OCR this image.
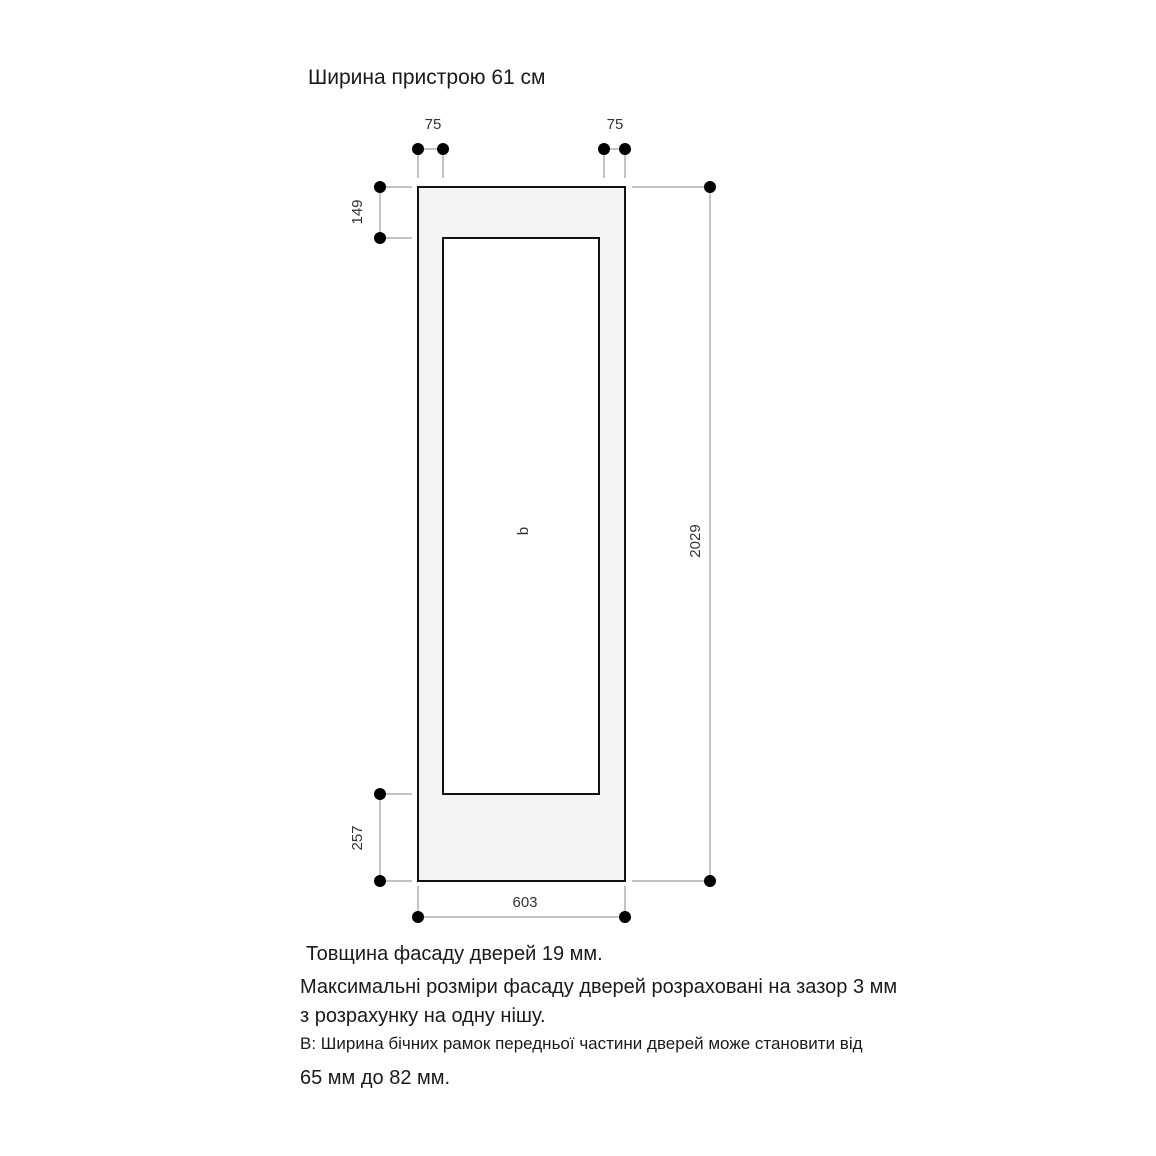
Ширина пристрою 61 см
q
75	75
149
257
603
2029
Товщина фасаду дверей 19 мм.
Максимальні розміри фасаду дверей розраховані на зазор 3 мм
з розрахунку на одну нішу.
В: Ширина бічних рамок передньої частини дверей може становити від
65 мм до 82 мм.
